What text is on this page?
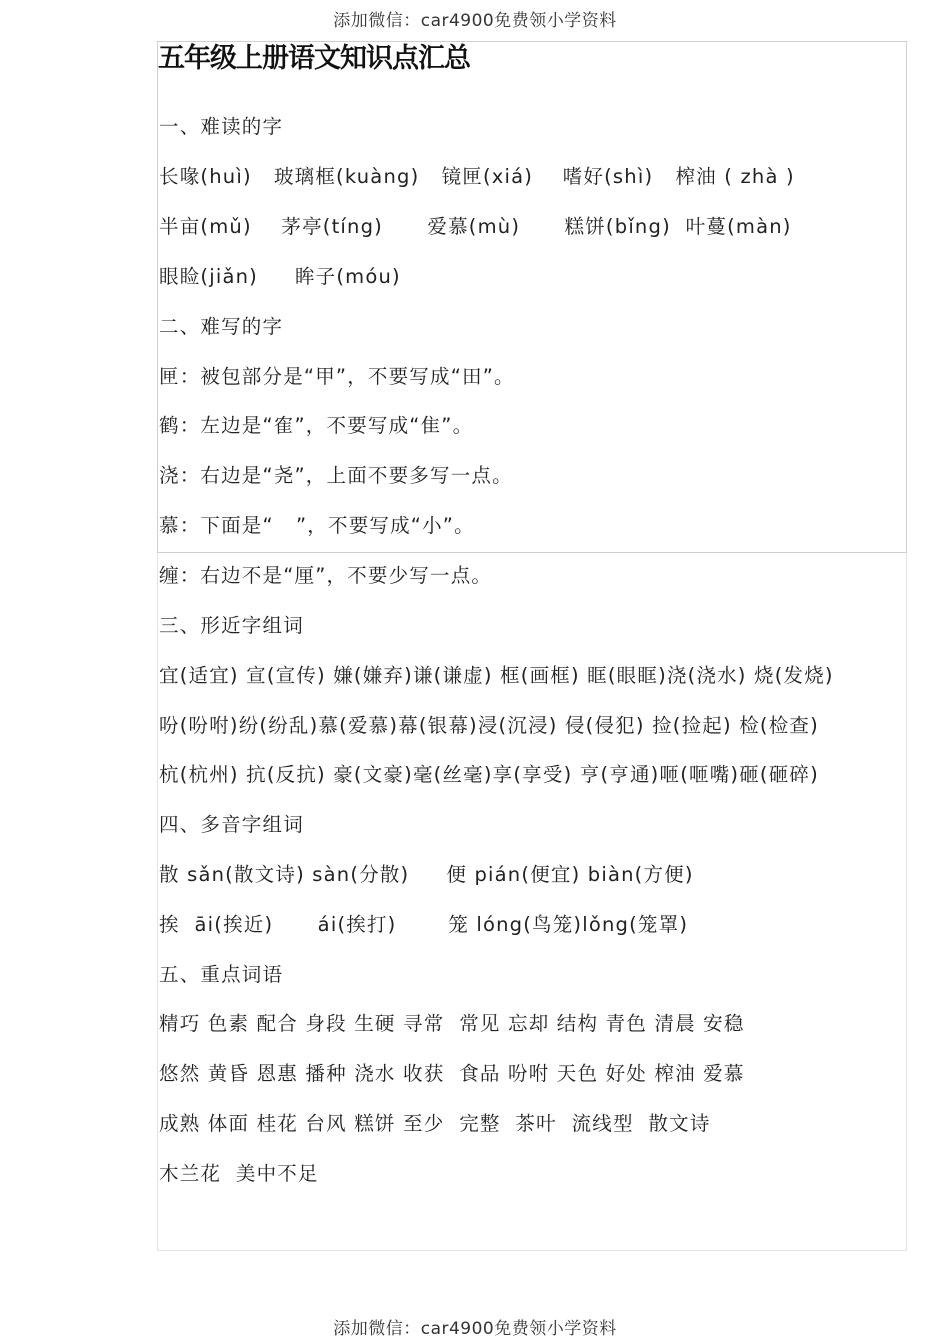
添加微信：car4900免费领小学资料
五年级上册语文知识点汇总

一、难读的字

长喙(huì)   玻璃框(kuàng)   镜匣(xiá)    嗜好(shì)   榨油 ( zhà )

半亩(mǔ)    茅亭(tíng)      爱慕(mù)      糕饼(bǐng)  叶蔓(màn)

眼睑(jiǎn)     眸子(móu)

二、难写的字

匣：被包部分是“甲”，不要写成“田”。

鹤：左边是“隺”，不要写成“隹”。

浇：右边是“尧”，上面不要多写一点。

慕：下面是“   ”，不要写成“小”。

缠：右边不是“厘”，不要少写一点。

三、形近字组词

宜(适宜) 宣(宣传) 嫌(嫌弃)谦(谦虚) 框(画框) 眶(眼眶)浇(浇水) 烧(发烧)

吩(吩咐)纷(纷乱)慕(爱慕)幕(银幕)浸(沉浸) 侵(侵犯) 捡(捡起) 检(检查)

杭(杭州) 抗(反抗) 豪(文豪)毫(丝毫)享(享受) 亨(亨通)咂(咂嘴)砸(砸碎)

四、多音字组词

散 sǎn(散文诗) sàn(分散)     便 pián(便宜) biàn(方便)

挨  āi(挨近)      ái(挨打)       笼 lóng(鸟笼)lǒng(笼罩)

五、重点词语

精巧 色素 配合 身段 生硬 寻常  常见 忘却 结构 青色 清晨 安稳

悠然 黄昏 恩惠 播种 浇水 收获  食品 吩咐 天色 好处 榨油 爱慕

成熟 体面 桂花 台风 糕饼 至少  完整  茶叶  流线型  散文诗

木兰花  美中不足

添加微信：car4900免费领小学资料
